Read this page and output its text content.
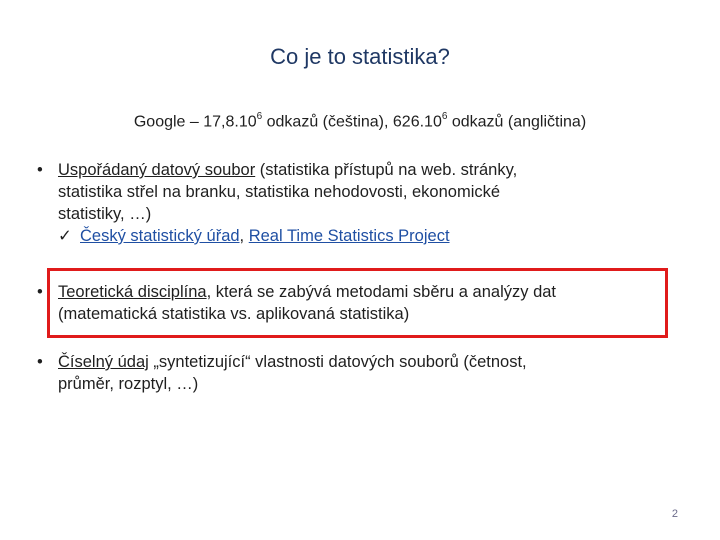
Co je to statistika?
Google – 17,8.10$^6$ odkazů (čeština), 626.10$^6$ odkazů (angličtina)
• Uspořádaný datový soubor (statistika přístupů na web. stránky,
statistika střel na branku, statistika nehodovosti, ekonomické
statistiky, …)
✓ Český statistický úřad, Real Time Statistics Project
• Teoretická disciplína, která se zabývá metodami sběru a analýzy dat
(matematická statistika vs. aplikovaná statistika)
• Číselný údaj „syntetizující“ vlastnosti datových souborů (četnost,
průměr, rozptyl, …)
2
